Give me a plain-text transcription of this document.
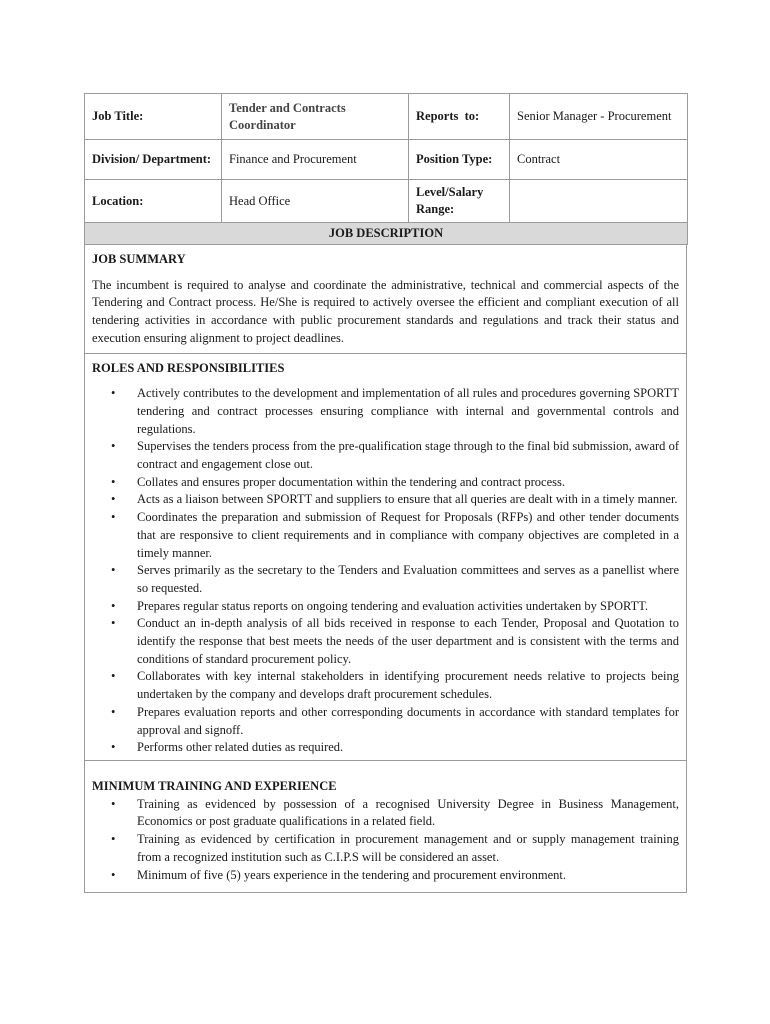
Job Title:	Tender and Contracts Coordinator	Reports  to:	Senior Manager - Procurement
Division/ Department:	Finance and Procurement	Position Type:	Contract
Location:	Head Office	Level/Salary Range:	
JOB DESCRIPTION			
JOB SUMMARY
The incumbent is required to analyse and coordinate the administrative, technical and commercial aspects of the Tendering and Contract process. He/She is required to actively oversee the efficient and compliant execution of all tendering activities in accordance with public procurement standards and regulations and track their status and execution ensuring alignment to project deadlines.
ROLES AND RESPONSIBILITIES
• Actively contributes to the development and implementation of all rules and procedures governing SPORTT tendering and contract processes ensuring compliance with internal and governmental controls and regulations.
• Supervises the tenders process from the pre-qualification stage through to the final bid submission, award of contract and engagement close out.
• Collates and ensures proper documentation within the tendering and contract process.
• Acts as a liaison between SPORTT and suppliers to ensure that all queries are dealt with in a timely manner.
• Coordinates the preparation and submission of Request for Proposals (RFPs) and other tender documents that are responsive to client requirements and in compliance with company objectives are completed in a timely manner.
• Serves primarily as the secretary to the Tenders and Evaluation committees and serves as a panellist where so requested.
• Prepares regular status reports on ongoing tendering and evaluation activities undertaken by SPORTT.
• Conduct an in-depth analysis of all bids received in response to each Tender, Proposal and Quotation to identify the response that best meets the needs of the user department and is consistent with the terms and conditions of standard procurement policy.
• Collaborates with key internal stakeholders in identifying procurement needs relative to projects being undertaken by the company and develops draft procurement schedules.
• Prepares evaluation reports and other corresponding documents in accordance with standard templates for approval and signoff.
• Performs other related duties as required.
MINIMUM TRAINING AND EXPERIENCE
• Training as evidenced by possession of a recognised University Degree in Business Management, Economics or post graduate qualifications in a related field.
• Training as evidenced by certification in procurement management and or supply management training from a recognized institution such as C.I.P.S will be considered an asset.
• Minimum of five (5) years experience in the tendering and procurement environment.
